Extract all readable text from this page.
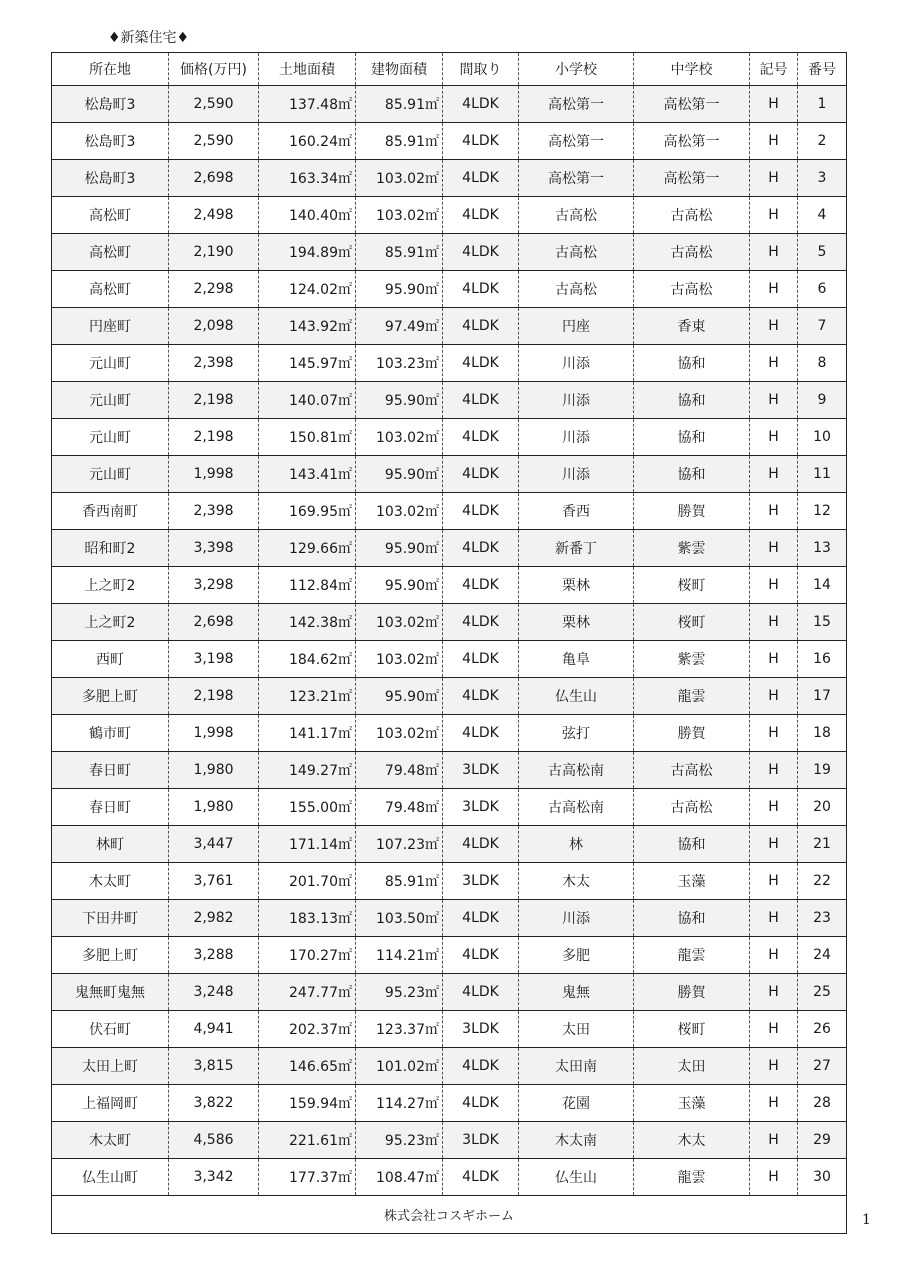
♦新築住宅♦
所在地	価格(万円)	土地面積	建物面積	間取り	小学校	中学校	記号	番号
松島町3	2,590	137.48㎡	85.91㎡	4LDK	高松第一	高松第一	H	1
松島町3	2,590	160.24㎡	85.91㎡	4LDK	高松第一	高松第一	H	2
松島町3	2,698	163.34㎡	103.02㎡	4LDK	高松第一	高松第一	H	3
高松町	2,498	140.40㎡	103.02㎡	4LDK	古高松	古高松	H	4
高松町	2,190	194.89㎡	85.91㎡	4LDK	古高松	古高松	H	5
高松町	2,298	124.02㎡	95.90㎡	4LDK	古高松	古高松	H	6
円座町	2,098	143.92㎡	97.49㎡	4LDK	円座	香東	H	7
元山町	2,398	145.97㎡	103.23㎡	4LDK	川添	協和	H	8
元山町	2,198	140.07㎡	95.90㎡	4LDK	川添	協和	H	9
元山町	2,198	150.81㎡	103.02㎡	4LDK	川添	協和	H	10
元山町	1,998	143.41㎡	95.90㎡	4LDK	川添	協和	H	11
香西南町	2,398	169.95㎡	103.02㎡	4LDK	香西	勝賀	H	12
昭和町2	3,398	129.66㎡	95.90㎡	4LDK	新番丁	紫雲	H	13
上之町2	3,298	112.84㎡	95.90㎡	4LDK	栗林	桜町	H	14
上之町2	2,698	142.38㎡	103.02㎡	4LDK	栗林	桜町	H	15
西町	3,198	184.62㎡	103.02㎡	4LDK	亀阜	紫雲	H	16
多肥上町	2,198	123.21㎡	95.90㎡	4LDK	仏生山	龍雲	H	17
鶴市町	1,998	141.17㎡	103.02㎡	4LDK	弦打	勝賀	H	18
春日町	1,980	149.27㎡	79.48㎡	3LDK	古高松南	古高松	H	19
春日町	1,980	155.00㎡	79.48㎡	3LDK	古高松南	古高松	H	20
林町	3,447	171.14㎡	107.23㎡	4LDK	林	協和	H	21
木太町	3,761	201.70㎡	85.91㎡	3LDK	木太	玉藻	H	22
下田井町	2,982	183.13㎡	103.50㎡	4LDK	川添	協和	H	23
多肥上町	3,288	170.27㎡	114.21㎡	4LDK	多肥	龍雲	H	24
鬼無町鬼無	3,248	247.77㎡	95.23㎡	4LDK	鬼無	勝賀	H	25
伏石町	4,941	202.37㎡	123.37㎡	3LDK	太田	桜町	H	26
太田上町	3,815	146.65㎡	101.02㎡	4LDK	太田南	太田	H	27
上福岡町	3,822	159.94㎡	114.27㎡	4LDK	花園	玉藻	H	28
木太町	4,586	221.61㎡	95.23㎡	3LDK	木太南	木太	H	29
仏生山町	3,342	177.37㎡	108.47㎡	4LDK	仏生山	龍雲	H	30
株式会社コスギホーム									1
